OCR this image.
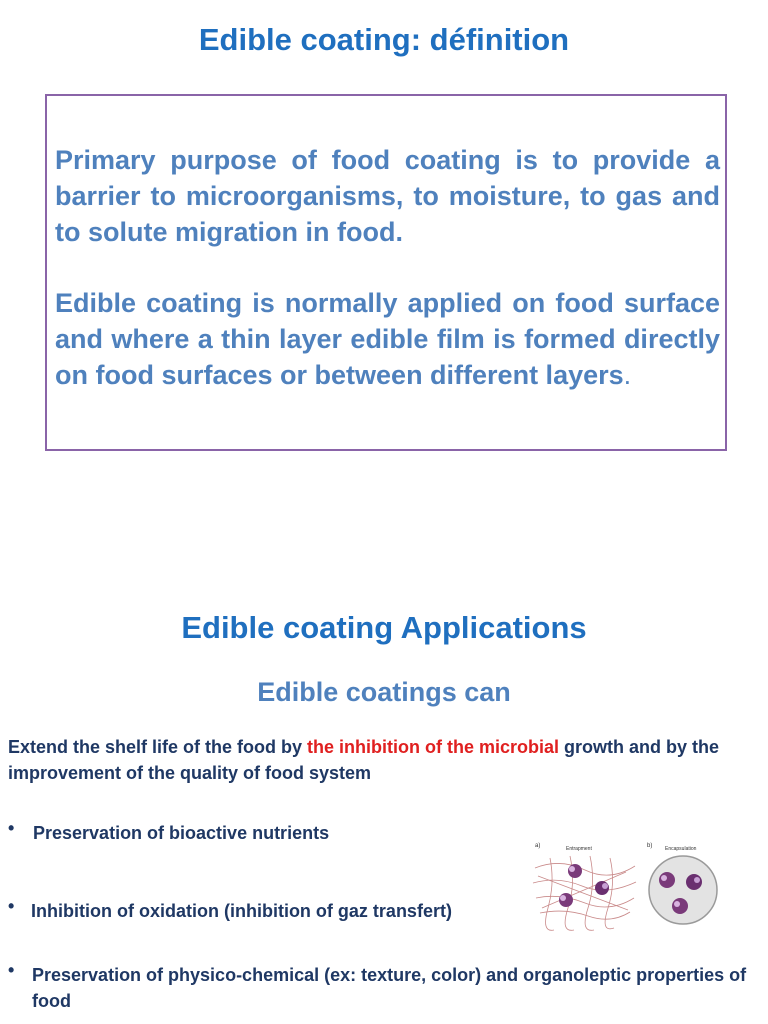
Edible coating: définition

Primary purpose of food coating is to provide a barrier to microorganisms, to moisture, to gas and to solute migration in food.

Edible coating is normally applied on food surface and where a thin layer edible film is formed directly on food surfaces or between different layers.

Edible coating Applications
Edible coatings can
Extend the shelf life of the food by the inhibition of the microbial growth and by the improvement of the quality of food system
• Preservation of bioactive nutrients
• Inhibition of oxidation (inhibition of gaz transfert)
• Preservation of physico-chemical (ex: texture, color) and organoleptic properties of food
a)	Entrapment	b)	Encapsulation
